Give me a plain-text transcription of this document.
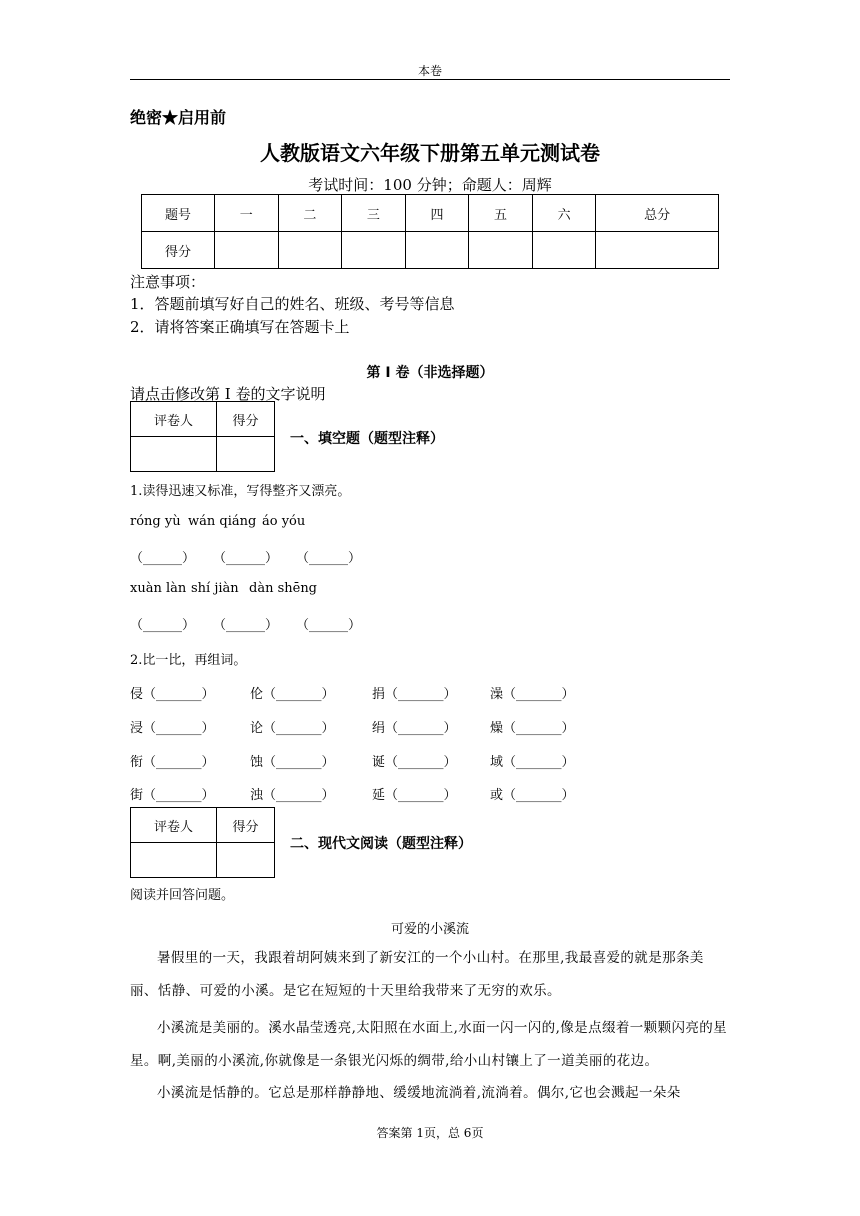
本卷
绝密★启用前
人教版语文六年级下册第五单元测试卷
考试时间：100 分钟；命题人：周辉
题号	一	二	三	四	五	六	总分
得分							
注意事项：
1．答题前填写好自己的姓名、班级、考号等信息
2．请将答案正确填写在答题卡上
第 I 卷（非选择题）
请点击修改第 I 卷的文字说明
评卷人	得分

一、填空题（题型注释）
1.读得迅速又标准，写得整齐又漂亮。
róng yù wán qiáng áo yóu
（______） （______） （______）
xuàn làn shí jiàn dàn shēng
（______） （______） （______）
2.比一比，再组词。
侵（_______）	伦（_______）	捐（_______）	澡（_______）
浸（_______）	论（_______）	绢（_______）	燥（_______）
衔（_______）	蚀（_______）	诞（_______）	域（_______）
街（_______）	浊（_______）	延（_______）	或（_______）
评卷人	得分

二、现代文阅读（题型注释）
阅读并回答问题。
可爱的小溪流
暑假里的一天，我跟着胡阿姨来到了新安江的一个小山村。在那里,我最喜爱的就是那条美丽、恬静、可爱的小溪。是它在短短的十天里给我带来了无穷的欢乐。
小溪流是美丽的。溪水晶莹透亮,太阳照在水面上,水面一闪一闪的,像是点缀着一颗颗闪亮的星星。啊,美丽的小溪流,你就像是一条银光闪烁的绸带,给小山村镶上了一道美丽的花边。
小溪流是恬静的。它总是那样静静地、缓缓地流淌着,流淌着。偶尔,它也会溅起一朵朵
答案第 1页，总 6页
